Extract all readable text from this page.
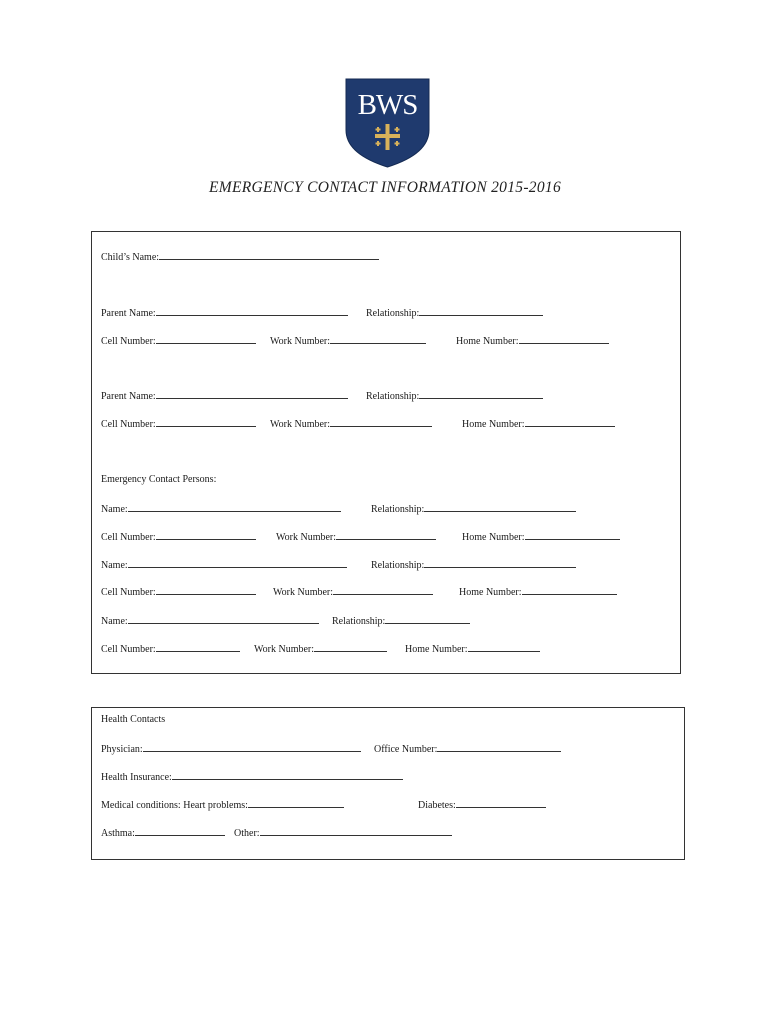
BWS
EMERGENCY CONTACT INFORMATION 2015-2016
Child’s Name:
Parent Name:	Relationship:
Cell Number:	Work Number:	Home Number:
Parent Name:	Relationship:
Cell Number:	Work Number:	Home Number:
Emergency Contact Persons:
Name:	Relationship:
Cell Number:	Work Number:	Home Number:
Name:	Relationship:
Cell Number:	Work Number:	Home Number:
Name:	Relationship:
Cell Number:	Work Number:	Home Number:
Health Contacts
Physician:	Office Number:
Health Insurance:
Medical conditions: Heart problems:	Diabetes:
Asthma:	Other:
